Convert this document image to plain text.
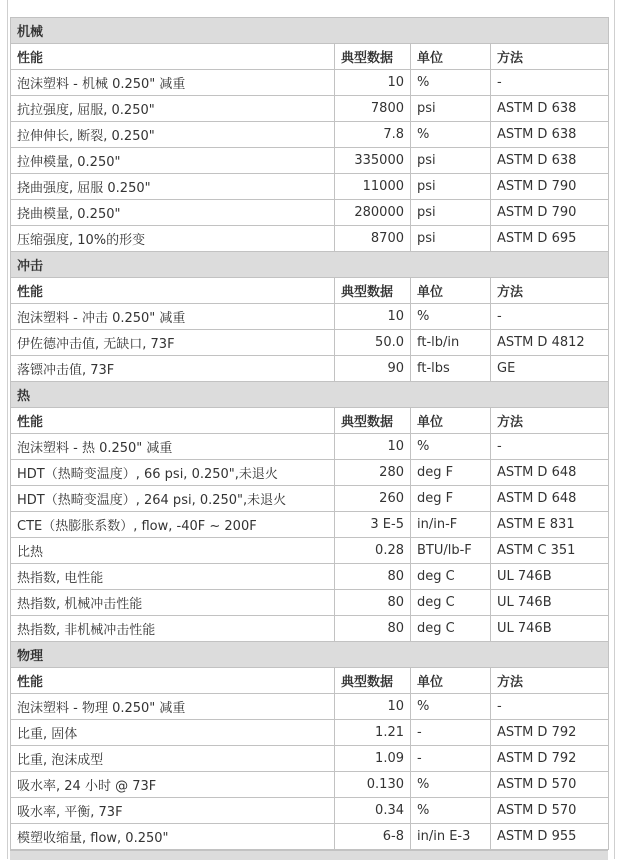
机械			
性能	典型数据	单位	方法
泡沫塑料 - 机械 0.250" 减重	10	%	-
抗拉强度, 屈服, 0.250"	7800	psi	ASTM D 638
拉伸伸长, 断裂, 0.250"	7.8	%	ASTM D 638
拉伸模量, 0.250"	335000	psi	ASTM D 638
挠曲强度, 屈服 0.250"	11000	psi	ASTM D 790
挠曲模量, 0.250"	280000	psi	ASTM D 790
压缩强度, 10%的形变	8700	psi	ASTM D 695
冲击			
性能	典型数据	单位	方法
泡沫塑料 - 冲击 0.250" 减重	10	%	-
伊佐德冲击值, 无缺口, 73F	50.0	ft-lb/in	ASTM D 4812
落镖冲击值, 73F	90	ft-lbs	GE
热			
性能	典型数据	单位	方法
泡沫塑料 - 热 0.250" 减重	10	%	-
HDT（热畸变温度）, 66 psi, 0.250",未退火	280	deg F	ASTM D 648
HDT（热畸变温度）, 264 psi, 0.250",未退火	260	deg F	ASTM D 648
CTE（热膨胀系数）, flow, -40F ~ 200F	3 E-5	in/in-F	ASTM E 831
比热	0.28	BTU/lb-F	ASTM C 351
热指数, 电性能	80	deg C	UL 746B
热指数, 机械冲击性能	80	deg C	UL 746B
热指数, 非机械冲击性能	80	deg C	UL 746B
物理			
性能	典型数据	单位	方法
泡沫塑料 - 物理 0.250" 减重	10	%	-
比重, 固体	1.21	-	ASTM D 792
比重, 泡沫成型	1.09	-	ASTM D 792
吸水率, 24 小时 @ 73F	0.130	%	ASTM D 570
吸水率, 平衡, 73F	0.34	%	ASTM D 570
模塑收缩量, flow, 0.250"	6-8	in/in E-3	ASTM D 955
